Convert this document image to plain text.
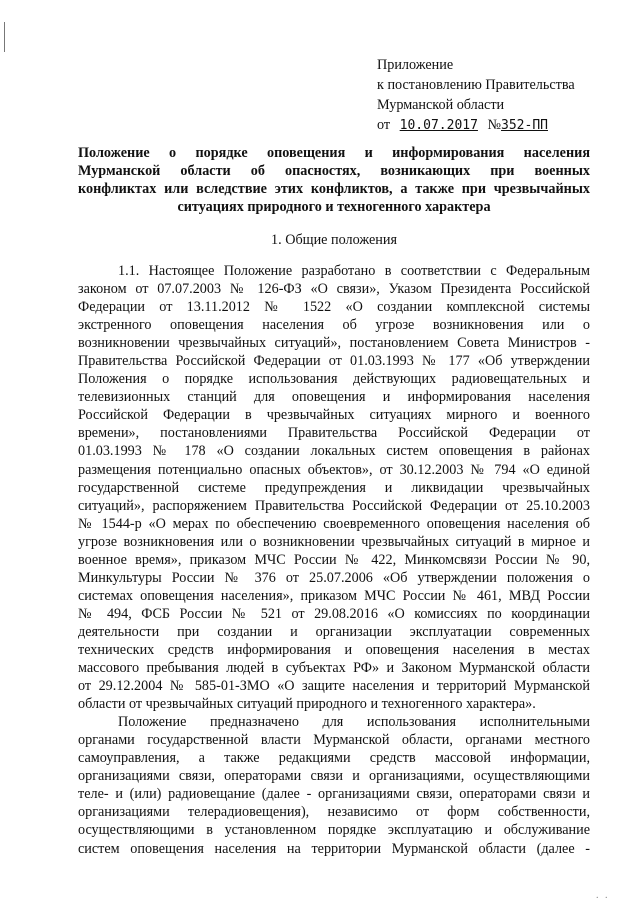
Приложение
к постановлению Правительства
Мурманской области
от 10.07.2017 №352-ПП
Положение о порядке оповещения и информирования населения
Мурманской области об опасностях, возникающих при военных
конфликтах или вследствие этих конфликтов, а также при чрезвычайных
ситуациях природного и техногенного характера
1. Общие положения
1.1. Настоящее Положение разработано в соответствии с Федеральным
законом от 07.07.2003 № 126-ФЗ «О связи», Указом Президента Российской
Федерации от 13.11.2012 № 1522 «О создании комплексной системы
экстренного оповещения населения об угрозе возникновения или о
возникновении чрезвычайных ситуаций», постановлением Совета Министров -
Правительства Российской Федерации от 01.03.1993 № 177 «Об утверждении
Положения о порядке использования действующих радиовещательных и
телевизионных станций для оповещения и информирования населения
Российской Федерации в чрезвычайных ситуациях мирного и военного
времени», постановлениями Правительства Российской Федерации от
01.03.1993 № 178 «О создании локальных систем оповещения в районах
размещения потенциально опасных объектов», от 30.12.2003 № 794 «О единой
государственной системе предупреждения и ликвидации чрезвычайных
ситуаций», распоряжением Правительства Российской Федерации от 25.10.2003
№ 1544-р «О мерах по обеспечению своевременного оповещения населения об
угрозе возникновения или о возникновении чрезвычайных ситуаций в мирное и
военное время», приказом МЧС России № 422, Минкомсвязи России № 90,
Минкультуры России № 376 от 25.07.2006 «Об утверждении положения о
системах оповещения населения», приказом МЧС России № 461, МВД России
№ 494, ФСБ России № 521 от 29.08.2016 «О комиссиях по координации
деятельности при создании и организации эксплуатации современных
технических средств информирования и оповещения населения в местах
массового пребывания людей в субъектах РФ» и Законом Мурманской области
от 29.12.2004 № 585-01-ЗМО «О защите населения и территорий Мурманской
области от чрезвычайных ситуаций природного и техногенного характера».
Положение предназначено для использования исполнительными
органами государственной власти Мурманской области, органами местного
самоуправления, а также редакциями средств массовой информации,
организациями связи, операторами связи и организациями, осуществляющими
теле- и (или) радиовещание (далее - организациями связи, операторами связи и
организациями телерадиовещения), независимо от форм собственности,
осуществляющими в установленном порядке эксплуатацию и обслуживание
систем оповещения населения на территории Мурманской области (далее -
. .
